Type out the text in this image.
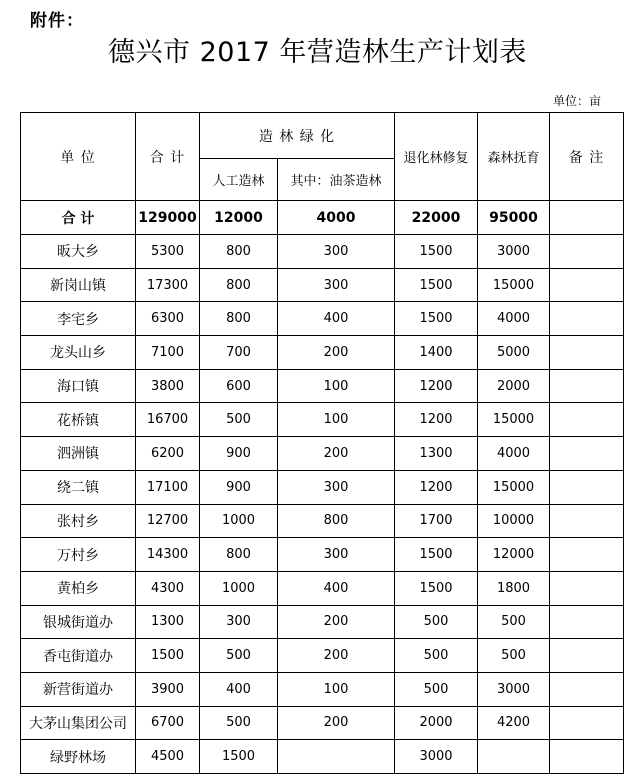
附件：
德兴市 2017 年营造林生产计划表
单位：亩
单 位	合 计	造 林 绿 化		退化林修复	森林抚育	备 注
		人工造林	其中：油茶造林			
合 计	129000	12000	4000	22000	95000	
昄大乡	5300	800	300	1500	3000	
新岗山镇	17300	800	300	1500	15000	
李宅乡	6300	800	400	1500	4000	
龙头山乡	7100	700	200	1400	5000	
海口镇	3800	600	100	1200	2000	
花桥镇	16700	500	100	1200	15000	
泗洲镇	6200	900	200	1300	4000	
绕二镇	17100	900	300	1200	15000	
张村乡	12700	1000	800	1700	10000	
万村乡	14300	800	300	1500	12000	
黄柏乡	4300	1000	400	1500	1800	
银城街道办	1300	300	200	500	500	
香屯街道办	1500	500	200	500	500	
新营街道办	3900	400	100	500	3000	
大茅山集团公司	6700	500	200	2000	4200	
绿野林场	4500	1500		3000		
